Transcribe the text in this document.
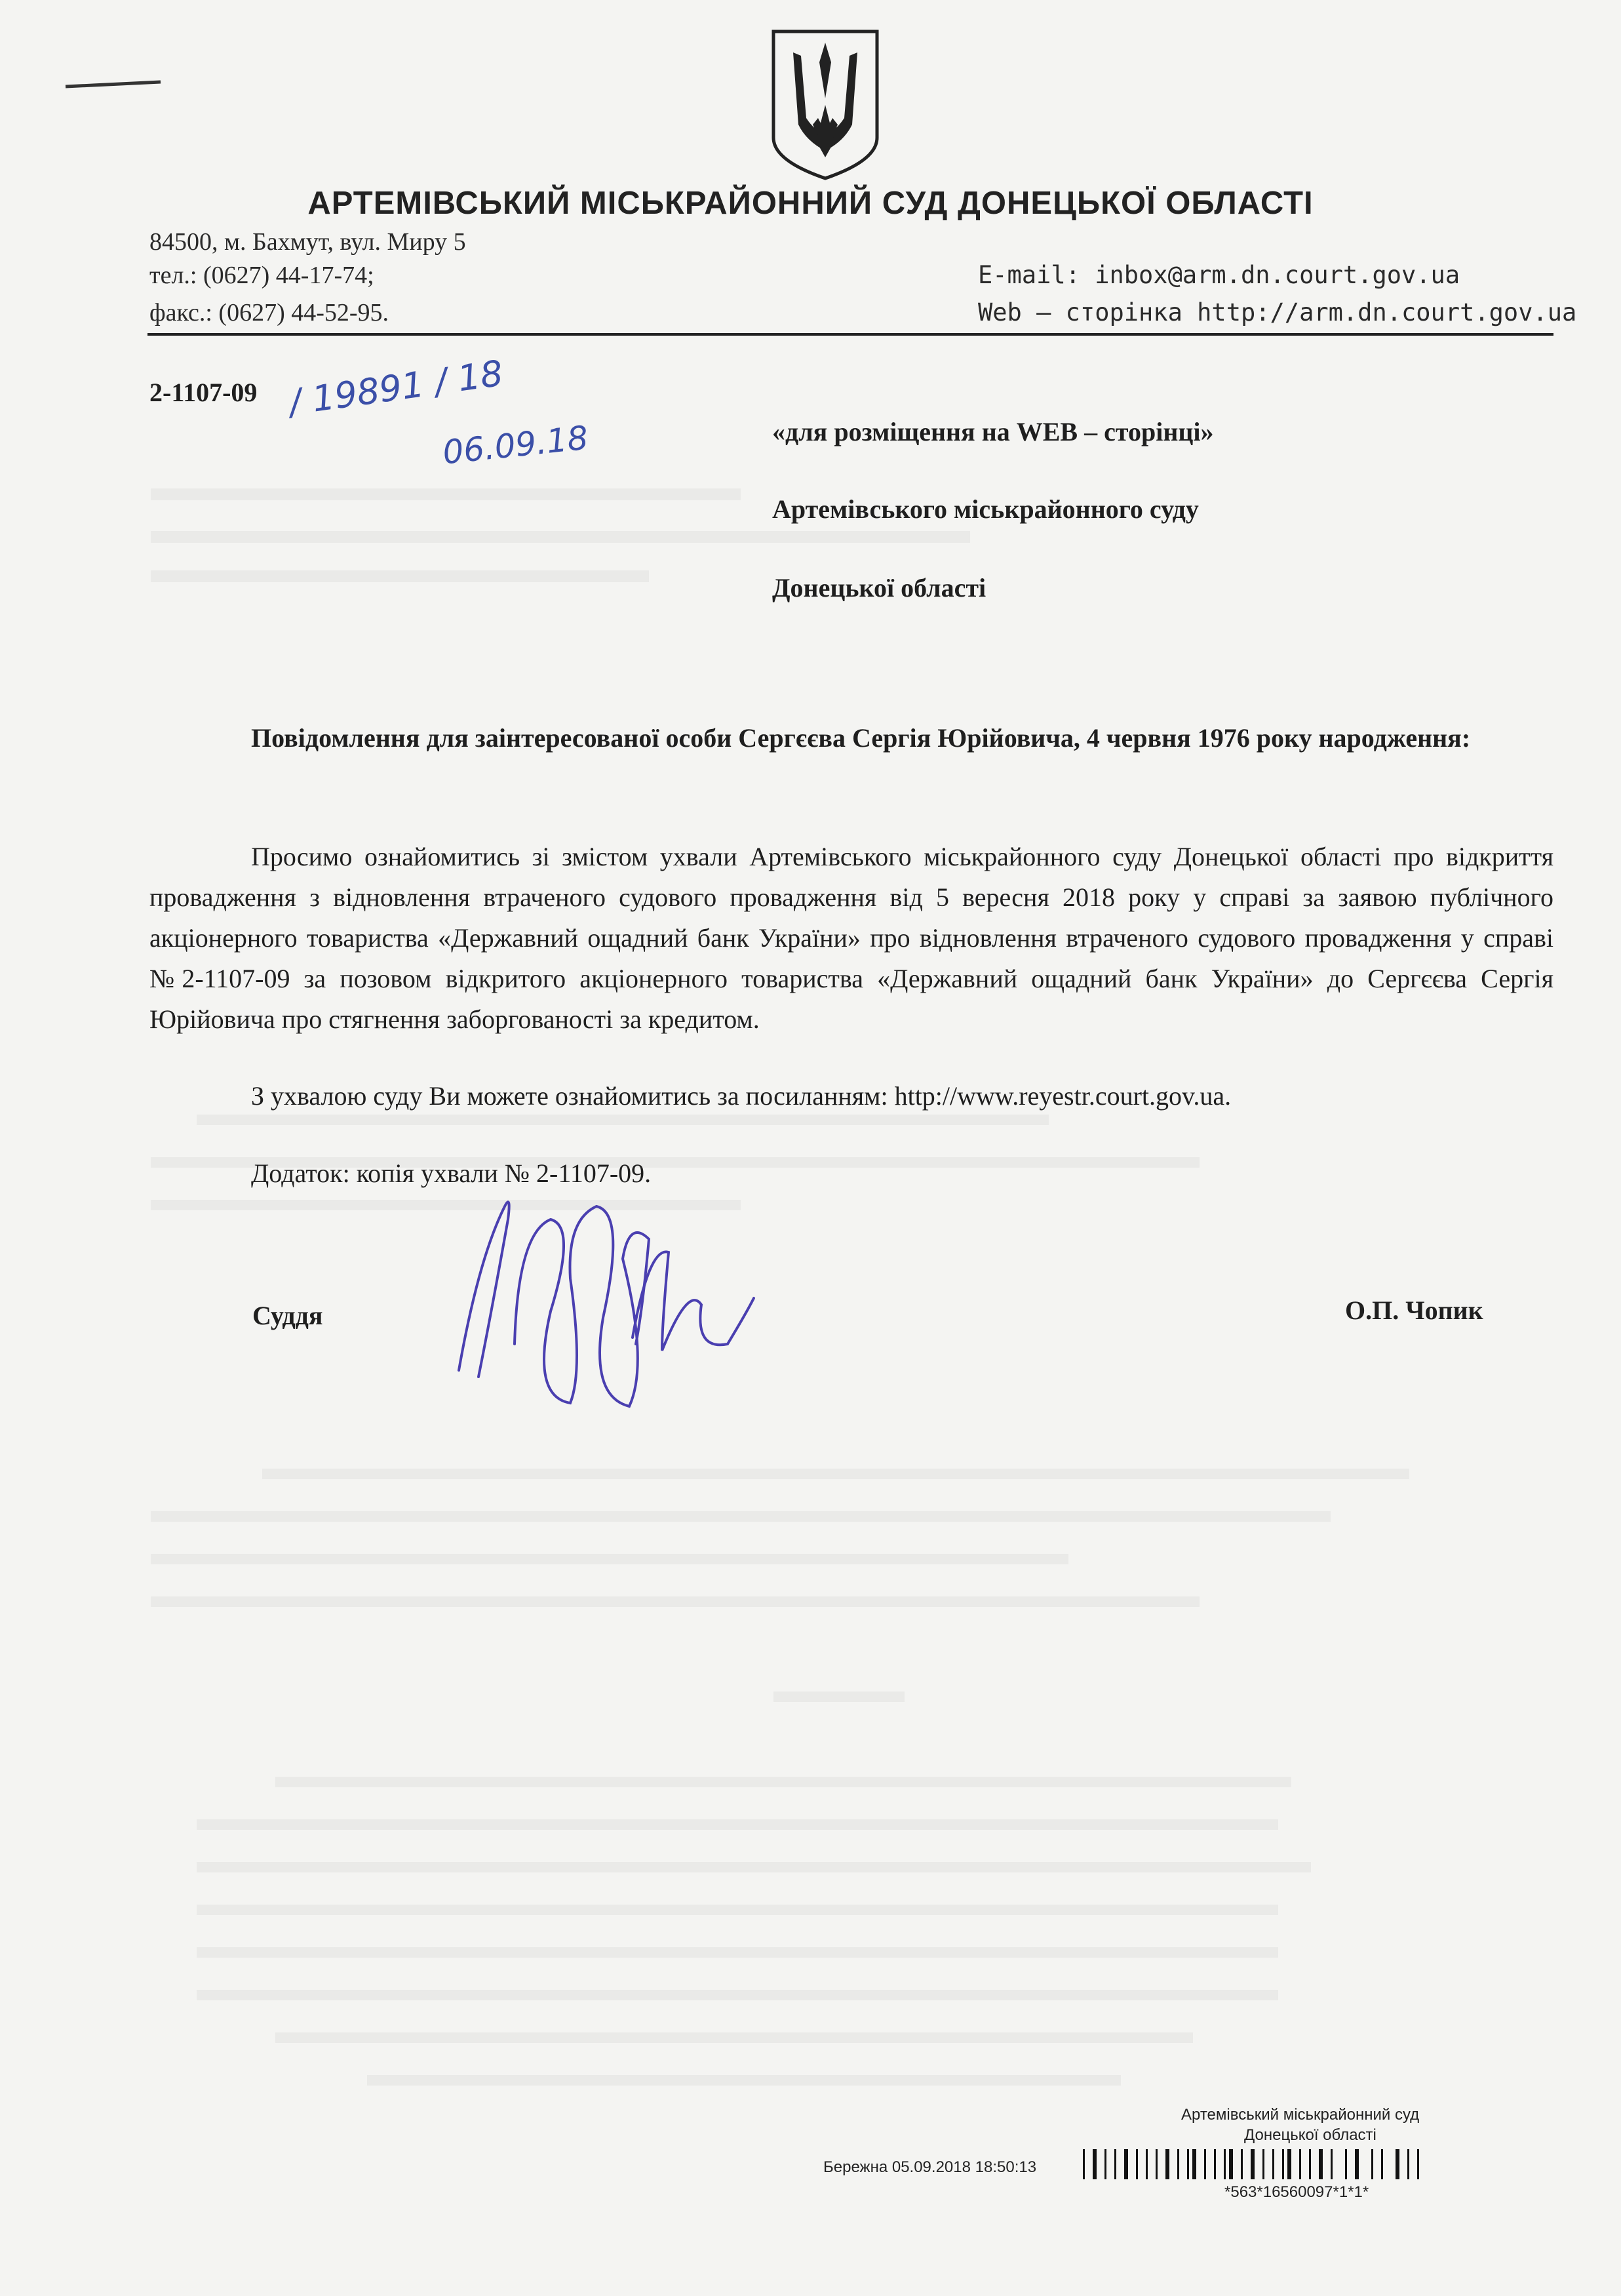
АРТЕМІВСЬКИЙ МІСЬКРАЙОННИЙ СУД ДОНЕЦЬКОЇ ОБЛАСТІ
84500, м. Бахмут, вул. Миру 5
тел.: (0627) 44-17-74;
факс.: (0627) 44-52-95.
E-mail: inbox@arm.dn.court.gov.ua
Web – сторінка http://arm.dn.court.gov.ua
2-1107-09 / 19891 / 18
06.09.18	«для розміщення на WEB – сторінці»
Артемівського міськрайонного суду
Донецької області
Повідомлення для заінтересованої особи Сергєєва Сергія Юрійовича, 4 червня 1976 року народження:
Просимо ознайомитись зі змістом ухвали Артемівського міськрайонного суду Донецької області про відкриття провадження з відновлення втраченого судового провадження від 5 вересня 2018 року у справі за заявою публічного акціонерного товариства «Державний ощадний банк України» про відновлення втраченого судового провадження у справі №2-1107-09 за позовом відкритого акціонерного товариства «Державний ощадний банк України» до Сергєєва Сергія Юрійовича про стягнення заборгованості за кредитом.
З ухвалою суду Ви можете ознайомитись за посиланням: http://www.reyestr.court.gov.ua.
Додаток: копія ухвали № 2-1107-09.
Суддя	О.П. Чопик
Артемівський міськрайонний суд
Донецької області
Бережна 05.09.2018 18:50:13
*563*16560097*1*1*
